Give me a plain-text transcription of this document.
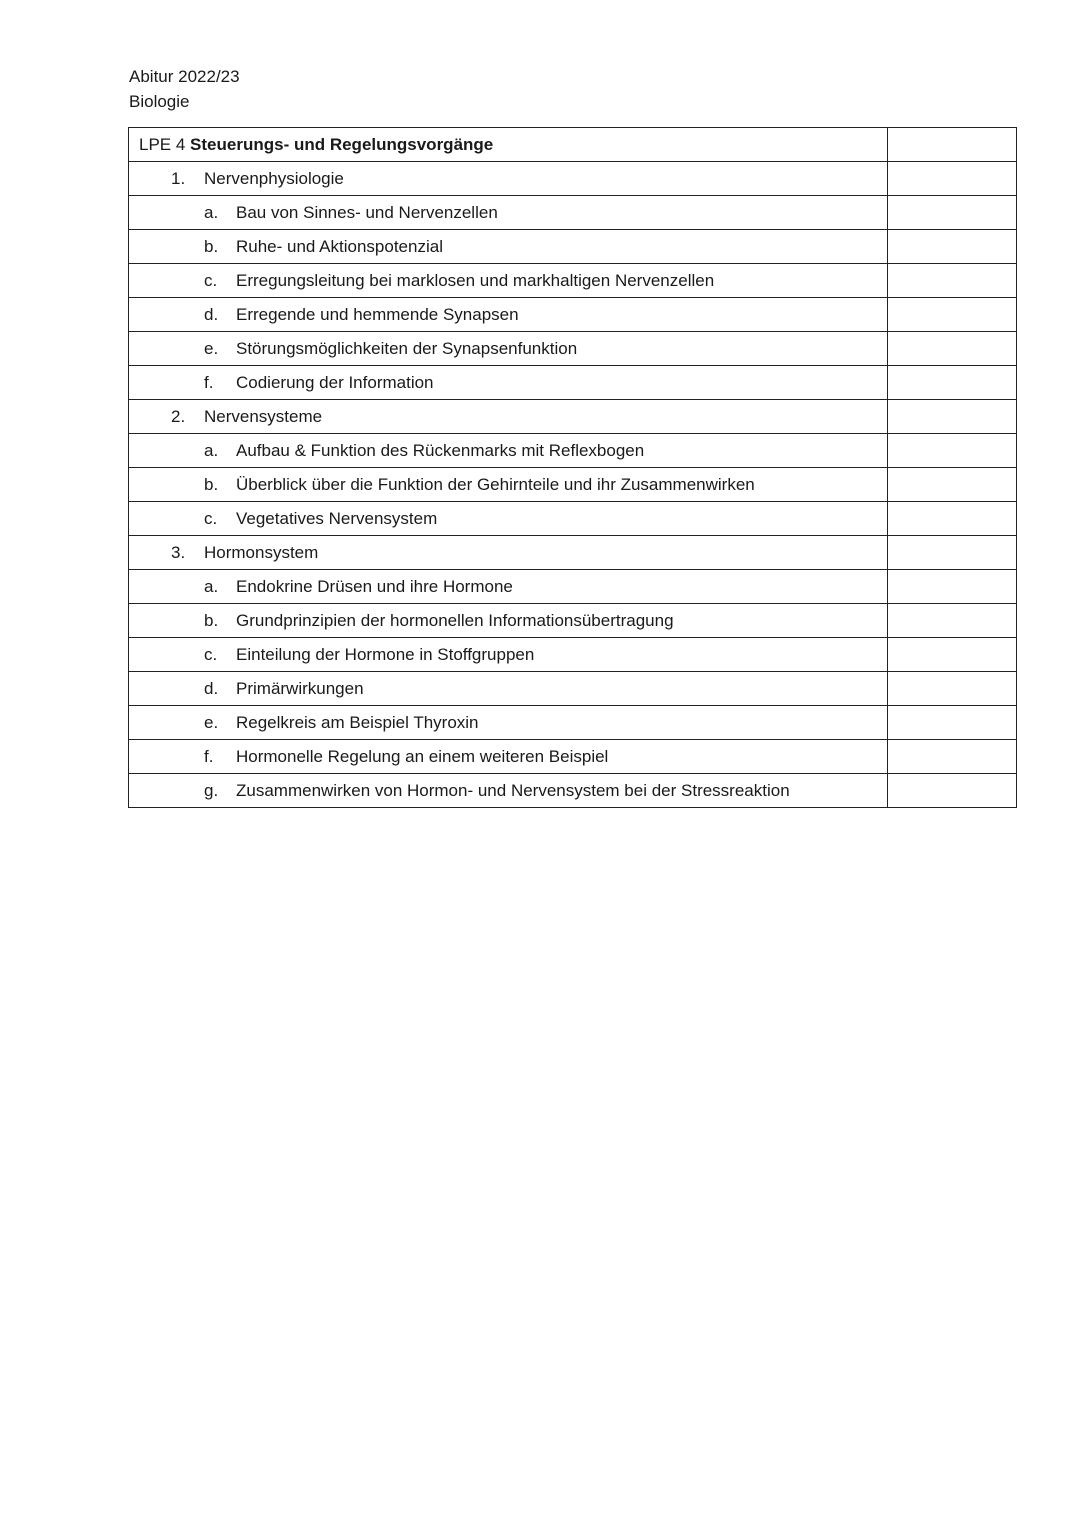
Abitur 2022/23
Biologie
LPE 4 Steuerungs- und Regelungsvorgänge	
1. Nervenphysiologie	
a. Bau von Sinnes- und Nervenzellen	
b. Ruhe- und Aktionspotenzial	
c. Erregungsleitung bei marklosen und markhaltigen Nervenzellen	
d. Erregende und hemmende Synapsen	
e. Störungsmöglichkeiten der Synapsenfunktion	
f. Codierung der Information	
2. Nervensysteme	
a. Aufbau & Funktion des Rückenmarks mit Reflexbogen	
b. Überblick über die Funktion der Gehirnteile und ihr Zusammenwirken	
c. Vegetatives Nervensystem	
3. Hormonsystem	
a. Endokrine Drüsen und ihre Hormone	
b. Grundprinzipien der hormonellen Informationsübertragung	
c. Einteilung der Hormone in Stoffgruppen	
d. Primärwirkungen	
e. Regelkreis am Beispiel Thyroxin	
f. Hormonelle Regelung an einem weiteren Beispiel	
g. Zusammenwirken von Hormon- und Nervensystem bei der Stressreaktion	
